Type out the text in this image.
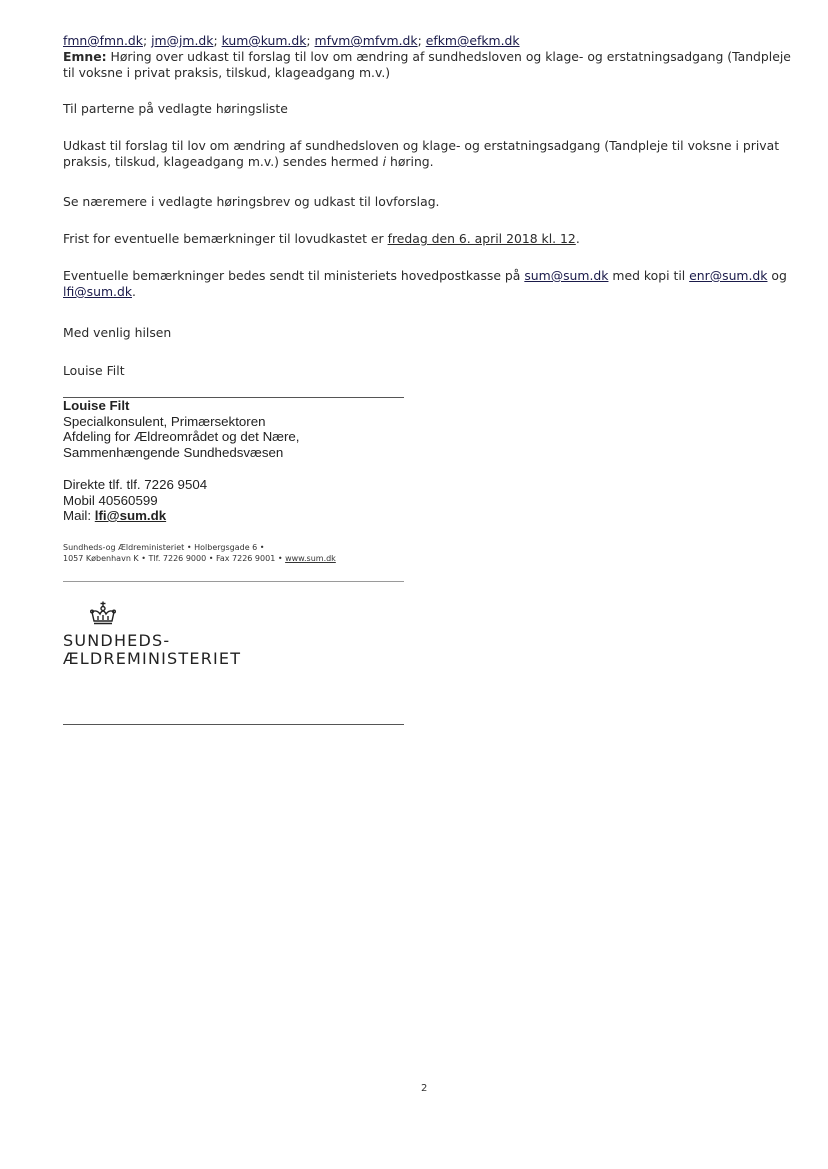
fmn@fmn.dk; jm@jm.dk; kum@kum.dk; mfvm@mfvm.dk; efkm@efkm.dk
Emne: Høring over udkast til forslag til lov om ændring af sundhedsloven og klage- og erstatningsadgang (Tandpleje
til voksne i privat praksis, tilskud, klageadgang m.v.)
Til parterne på vedlagte høringsliste
Udkast til forslag til lov om ændring af sundhedsloven og klage- og erstatningsadgang (Tandpleje til voksne i privat
praksis, tilskud, klageadgang m.v.) sendes hermed i høring.
Se næremere i vedlagte høringsbrev og udkast til lovforslag.
Frist for eventuelle bemærkninger til lovudkastet er fredag den 6. april 2018 kl. 12.
Eventuelle bemærkninger bedes sendt til ministeriets hovedpostkasse på sum@sum.dk med kopi til enr@sum.dk og
lfi@sum.dk.
Med venlig hilsen
Louise Filt
Louise Filt
Specialkonsulent, Primærsektoren
Afdeling for Ældreområdet og det Nære,
Sammenhængende Sundhedsvæsen
Direkte tlf. tlf. 7226 9504
Mobil 40560599
Mail: lfi@sum.dk
Sundheds-og Ældreministeriet • Holbergsgade 6 •
1057 København K • Tlf. 7226 9000 • Fax 7226 9001 • www.sum.dk
SUNDHEDS-
ÆLDREMINISTERIET
2
